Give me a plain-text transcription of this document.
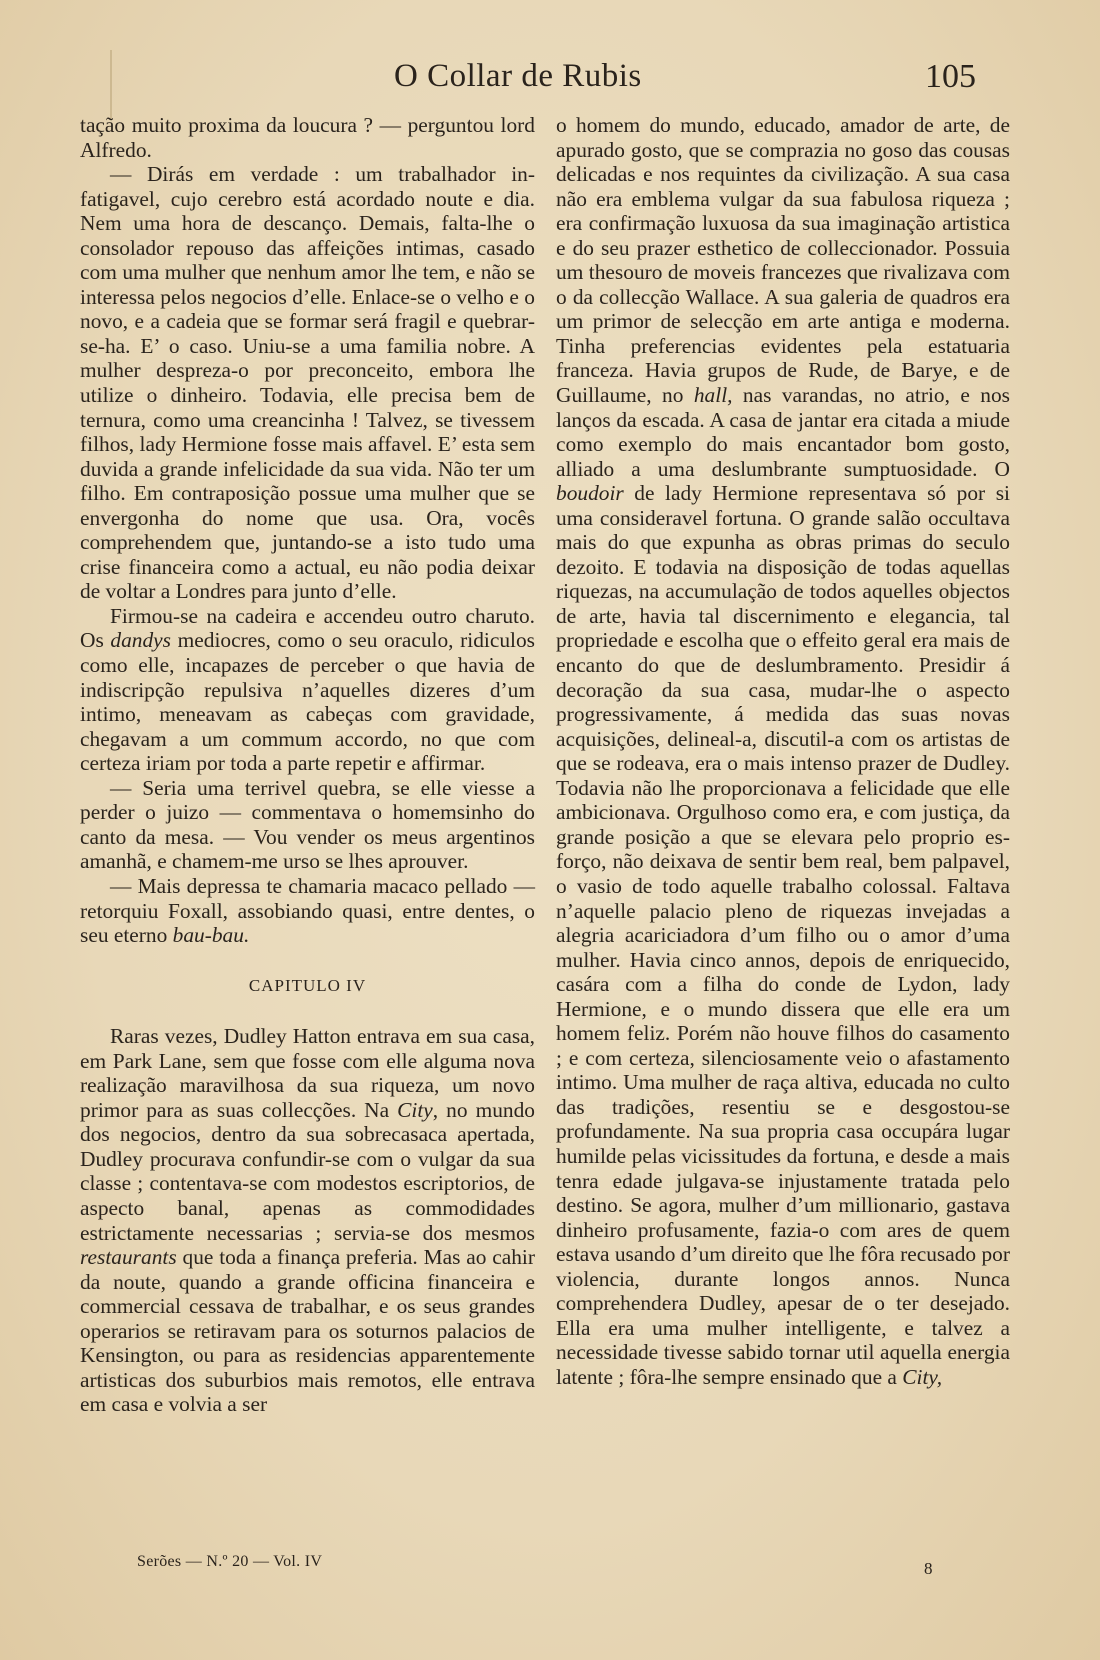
O Collar de Rubis	105

tação muito proxima da loucura ? — perguntou lord Alfredo.

— Dirás em verdade : um trabalhador infatigavel, cujo cerebro está acordado noute e dia. Nem uma hora de descanço. Demais, falta-lhe o consolador repouso das affeições intimas, casado com uma mulher que nenhum amor lhe tem, e não se interessa pelos negocios d’elle. Enlace-se o velho e o novo, e a cadeia que se formar será fragil e quebrar-se-ha. E’ o caso. Uniu-se a uma familia nobre. A mulher despreza-o por preconceito, embora lhe utilize o dinheiro. Todavia, elle precisa bem de ternura, como uma creancinha ! Talvez, se tivessem filhos, lady Hermione fosse mais affavel. E’ esta sem duvida a grande infelicidade da sua vida. Não ter um filho. Em contraposição possue uma mulher que se envergonha do nome que usa. Ora, vocês comprehendem que, juntando-se a isto tudo uma crise financeira como a actual, eu não podia deixar de voltar a Londres para junto d’elle.

Firmou-se na cadeira e accendeu outro charuto. Os dandys mediocres, como o seu oraculo, ridiculos como elle, incapazes de perceber o que havia de indiscripção repulsiva n’aquelles dizeres d’um intimo, meneavam as cabeças com gravidade, chegavam a um commum accordo, no que com certeza iriam por toda a parte repetir e affirmar.

— Seria uma terrivel quebra, se elle viesse a perder o juizo — commentava o homemsinho do canto da mesa. — Vou vender os meus argentinos amanhã, e chamem-me urso se lhes aprouver.

— Mais depressa te chamaria macaco pellado — retorquiu Foxall, assobiando quasi, entre dentes, o seu eterno bau-bau.

CAPITULO IV

Raras vezes, Dudley Hatton entrava em sua casa, em Park Lane, sem que fosse com elle alguma nova realização maravilhosa da sua riqueza, um novo primor para as suas collecções. Na City, no mundo dos negocios, dentro da sua sobrecasaca apertada, Dudley procurava confundir-se com o vulgar da sua classe ; contentava-se com modestos escriptorios, de aspecto banal, apenas as commodidades estrictamente necessarias ; servia-se dos mesmos restaurants que toda a finança preferia. Mas ao cahir da noute, quando a grande officina financeira e commercial cessava de trabalhar, e os seus grandes operarios se retiravam para os soturnos palacios de Kensington, ou para as residencias apparentemente artisticas dos suburbios mais remotos, elle entrava em casa e volvia a ser

o homem do mundo, educado, amador de arte, de apurado gosto, que se comprazia no goso das cousas delicadas e nos requintes da civilização. A sua casa não era emblema vulgar da sua fabulosa riqueza ; era confirmação luxuosa da sua imaginação artistica e do seu prazer esthetico de colleccionador. Possuia um thesouro de moveis francezes que rivalizava com o da collecção Wallace. A sua galeria de quadros era um primor de selecção em arte antiga e moderna. Tinha preferencias evidentes pela estatuaria franceza. Havia grupos de Rude, de Barye, e de Guillaume, no hall, nas varandas, no atrio, e nos lanços da escada. A casa de jantar era citada a miude como exemplo do mais encantador bom gosto, alliado a uma deslumbrante sumptuosidade. O boudoir de lady Hermione representava só por si uma consideravel fortuna. O grande salão occultava mais do que expunha as obras primas do seculo dezoito. E todavia na disposição de todas aquellas riquezas, na accumulação de todos aquelles objectos de arte, havia tal discernimento e elegancia, tal propriedade e escolha que o effeito geral era mais de encanto do que de deslumbramento. Presidir á decoração da sua casa, mudar-lhe o aspecto progressivamente, á medida das suas novas acquisições, delineal-a, discutil-a com os artistas de que se rodeava, era o mais intenso prazer de Dudley. Todavia não lhe proporcionava a felicidade que elle ambicionava. Orgulhoso como era, e com justiça, da grande posição a que se elevara pelo proprio esforço, não deixava de sentir bem real, bem palpavel, o vasio de todo aquelle trabalho colossal. Faltava n’aquelle palacio pleno de riquezas invejadas a alegria acariciadora d’um filho ou o amor d’uma mulher. Havia cinco annos, depois de enriquecido, casára com a filha do conde de Lydon, lady Hermione, e o mundo dissera que elle era um homem feliz. Porém não houve filhos do casamento ; e com certeza, silenciosamente veio o afastamento intimo. Uma mulher de raça altiva, educada no culto das tradições, resentiu se e desgostou-se profundamente. Na sua propria casa occupára lugar humilde pelas vicissitudes da fortuna, e desde a mais tenra edade julgava-se injustamente tratada pelo destino. Se agora, mulher d’um millionario, gastava dinheiro profusamente, fazia-o com ares de quem estava usando d’um direito que lhe fôra recusado por violencia, durante longos annos. Nunca comprehendera Dudley, apesar de o ter desejado. Ella era uma mulher intelligente, e talvez a necessidade tivesse sabido tornar util aquella energia latente ; fôra-lhe sempre ensinado que a City,

Serões — N.º 20 — Vol. IV	8
